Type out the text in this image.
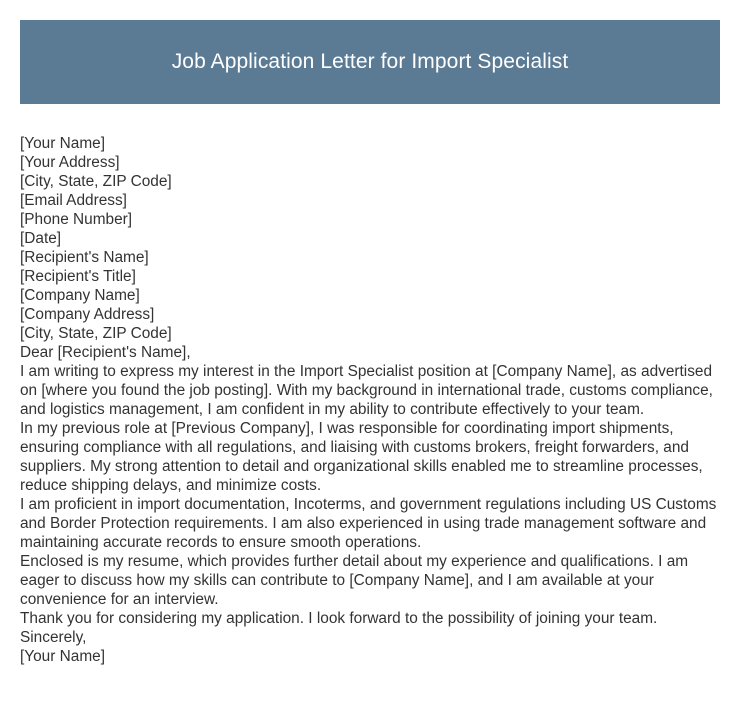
Job Application Letter for Import Specialist
[Your Name]
[Your Address]
[City, State, ZIP Code]
[Email Address]
[Phone Number]
[Date]
[Recipient's Name]
[Recipient's Title]
[Company Name]
[Company Address]
[City, State, ZIP Code]
Dear [Recipient's Name],
I am writing to express my interest in the Import Specialist position at [Company Name], as advertised on [where you found the job posting]. With my background in international trade, customs compliance, and logistics management, I am confident in my ability to contribute effectively to your team.
In my previous role at [Previous Company], I was responsible for coordinating import shipments, ensuring compliance with all regulations, and liaising with customs brokers, freight forwarders, and suppliers. My strong attention to detail and organizational skills enabled me to streamline processes, reduce shipping delays, and minimize costs.
I am proficient in import documentation, Incoterms, and government regulations including US Customs and Border Protection requirements. I am also experienced in using trade management software and maintaining accurate records to ensure smooth operations.
Enclosed is my resume, which provides further detail about my experience and qualifications. I am eager to discuss how my skills can contribute to [Company Name], and I am available at your convenience for an interview.
Thank you for considering my application. I look forward to the possibility of joining your team.
Sincerely,
[Your Name]
